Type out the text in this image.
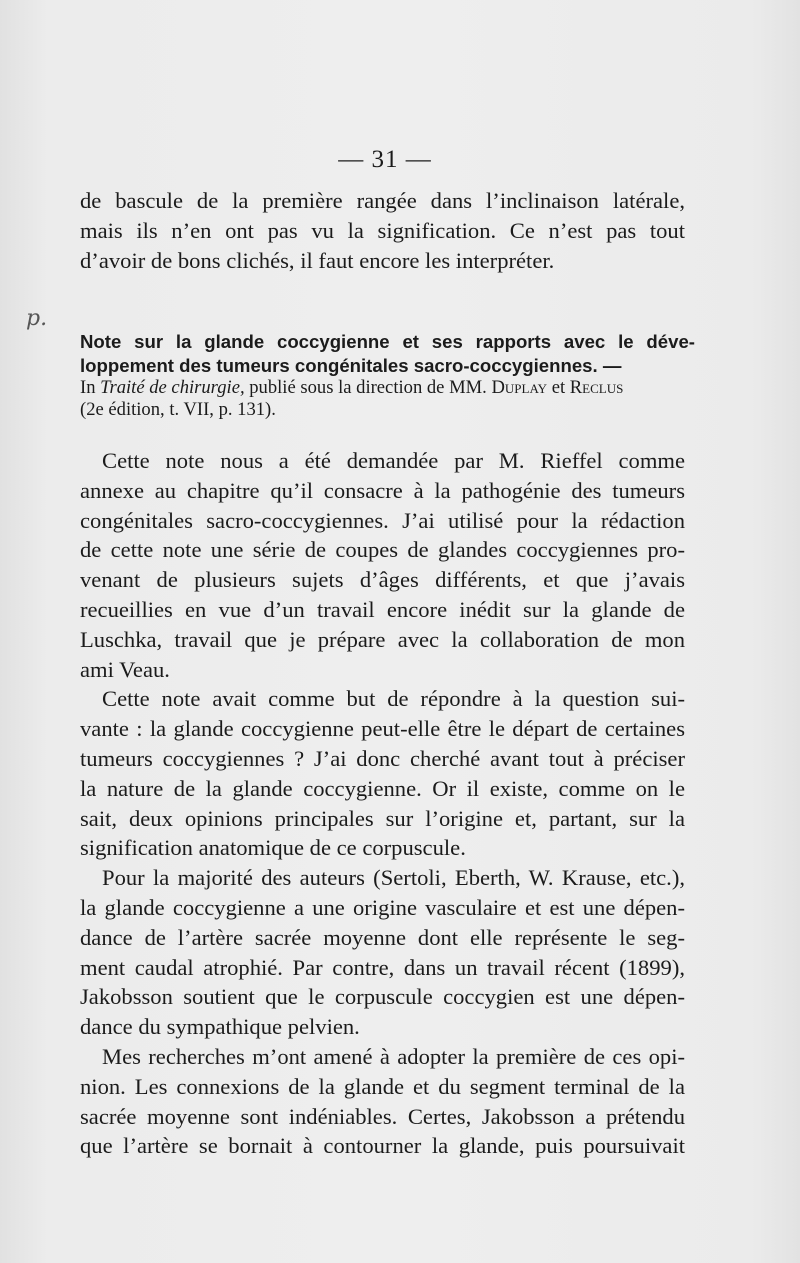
— 31 —
p.

de bascule de la première rangée dans l’inclinaison latérale,

mais ils n’en ont pas vu la signification. Ce n’est pas tout

d’avoir de bons clichés, il faut encore les interpréter.

Note sur la glande coccygienne et ses rapports avec le déve-

loppement des tumeurs congénitales sacro-coccygiennes. —

In Traité de chirurgie, publié sous la direction de MM. Duplay et Reclus

(2e édition, t. VII, p. 131).

Cette note nous a été demandée par M. Rieffel comme

annexe au chapitre qu’il consacre à la pathogénie des tumeurs

congénitales sacro-coccygiennes. J’ai utilisé pour la rédaction

de cette note une série de coupes de glandes coccygiennes pro-

venant de plusieurs sujets d’âges différents, et que j’avais

recueillies en vue d’un travail encore inédit sur la glande de

Luschka, travail que je prépare avec la collaboration de mon

ami Veau.

Cette note avait comme but de répondre à la question sui-

vante : la glande coccygienne peut-elle être le départ de certaines

tumeurs coccygiennes ? J’ai donc cherché avant tout à préciser

la nature de la glande coccygienne. Or il existe, comme on le

sait, deux opinions principales sur l’origine et, partant, sur la

signification anatomique de ce corpuscule.

Pour la majorité des auteurs (Sertoli, Eberth, W. Krause, etc.),

la glande coccygienne a une origine vasculaire et est une dépen-

dance de l’artère sacrée moyenne dont elle représente le seg-

ment caudal atrophié. Par contre, dans un travail récent (1899),

Jakobsson soutient que le corpuscule coccygien est une dépen-

dance du sympathique pelvien.

Mes recherches m’ont amené à adopter la première de ces opi-

nion. Les connexions de la glande et du segment terminal de la

sacrée moyenne sont indéniables. Certes, Jakobsson a prétendu

que l’artère se bornait à contourner la glande, puis poursuivait
